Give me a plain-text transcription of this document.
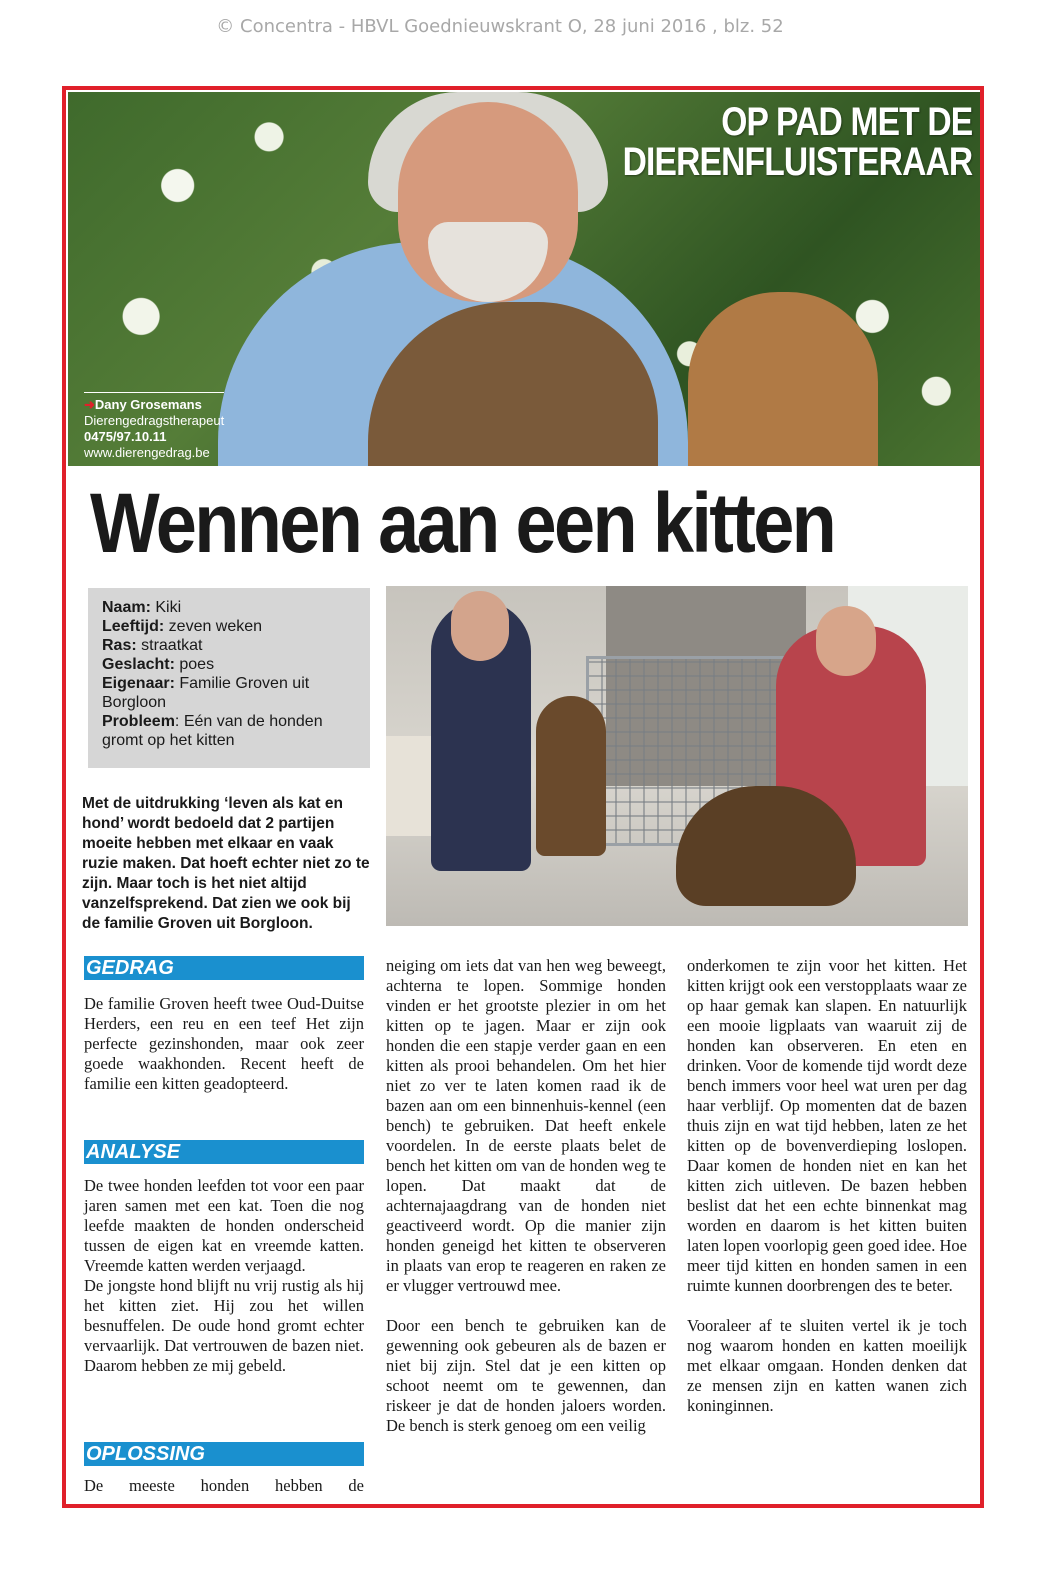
© Concentra - HBVL Goednieuwskrant O, 28 juni 2016 , blz. 52
OP PAD MET DE
DIERENFLUISTERAAR
➜Dany Grosemans
Dierengedragstherapeut
0475/97.10.11
www.dierengedrag.be
Wennen aan een kitten

Naam: Kiki

Leeftijd: zeven weken

Ras: straatkat

Geslacht: poes

Eigenaar: Familie Groven uit Borgloon

Probleem: Eén van de honden gromt op het kitten

Met de uitdrukking ‘leven als kat en hond’ wordt bedoeld dat 2 partijen moeite hebben met elkaar en vaak ruzie maken. Dat hoeft echter niet zo te zijn. Maar toch is het niet altijd vanzelfsprekend. Dat zien we ook bij de familie Groven uit Borgloon.
GEDRAG

De familie Groven heeft twee Oud-Duitse Herders, een reu en een teef Het zijn perfecte gezinshonden, maar ook zeer goede waakhonden. Recent heeft de familie een kitten geadopteerd.

ANALYSE

De twee honden leefden tot voor een paar jaren samen met een kat. Toen die nog leefde maakten de honden onderscheid tussen de eigen kat en vreemde katten. Vreemde katten werden verjaagd.

De jongste hond blijft nu vrij rustig als hij het kitten ziet. Hij zou het willen besnuffelen. De oude hond gromt echter vervaarlijk. Dat vertrouwen de bazen niet. Daarom hebben ze mij gebeld.

OPLOSSING

De meeste honden hebben de

neiging om iets dat van hen weg beweegt, achterna te lopen. Sommige honden vinden er het grootste plezier in om het kitten op te jagen. Maar er zijn ook honden die een stapje verder gaan en een kitten als prooi behandelen. Om het hier niet zo ver te laten komen raad ik de bazen aan om een binnenhuis-kennel (een bench) te gebruiken. Dat heeft enkele voordelen. In de eerste plaats belet de bench het kitten om van de honden weg te lopen. Dat maakt dat de achternajaagdrang van de honden niet geactiveerd wordt. Op die manier zijn honden geneigd het kitten te observeren in plaats van erop te reageren en raken ze er vlugger vertrouwd mee.

Door een bench te gebruiken kan de gewenning ook gebeuren als de bazen er niet bij zijn. Stel dat je een kitten op schoot neemt om te gewennen, dan riskeer je dat de honden jaloers worden. De bench is sterk genoeg om een veilig

onderkomen te zijn voor het kitten. Het kitten krijgt ook een verstopplaats waar ze op haar gemak kan slapen. En natuurlijk een mooie ligplaats van waaruit zij de honden kan observeren. En eten en drinken. Voor de komende tijd wordt deze bench immers voor heel wat uren per dag haar verblijf. Op momenten dat de bazen thuis zijn en wat tijd hebben, laten ze het kitten op de bovenverdieping loslopen. Daar komen de honden niet en kan het kitten zich uitleven. De bazen hebben beslist dat het een echte binnenkat mag worden en daarom is het kitten buiten laten lopen voorlopig geen goed idee. Hoe meer tijd kitten en honden samen in een ruimte kunnen doorbrengen des te beter.

Vooraleer af te sluiten vertel ik je toch nog waarom honden en katten moeilijk met elkaar omgaan. Honden denken dat ze mensen zijn en katten wanen zich koninginnen.
